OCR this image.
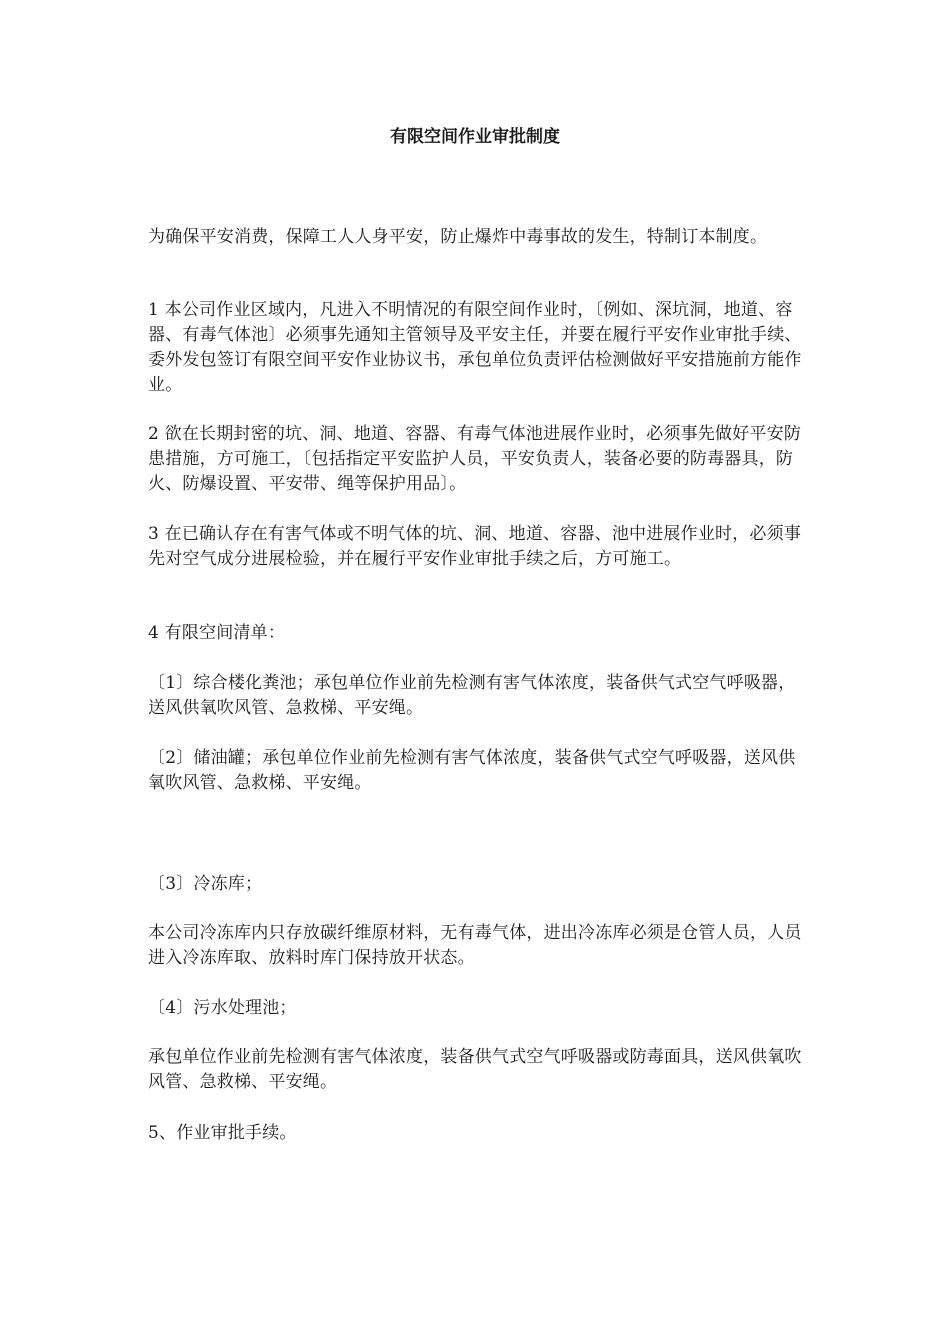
有限空间作业审批制度

为确保平安消费，保障工人人身平安，防止爆炸中毒事故的发生，特制订本制度。

1 本公司作业区域内，凡进入不明情况的有限空间作业时，〔例如、深坑洞，地道、容器、有毒气体池〕必须事先通知主管领导及平安主任，并要在履行平安作业审批手续、委外发包签订有限空间平安作业协议书，承包单位负责评估检测做好平安措施前方能作业。

2 欲在长期封密的坑、洞、地道、容器、有毒气体池进展作业时，必须事先做好平安防患措施，方可施工，〔包括指定平安监护人员，平安负责人，装备必要的防毒器具，防火、防爆设置、平安带、绳等保护用品〕。

3 在已确认存在有害气体或不明气体的坑、洞、地道、容器、池中进展作业时，必须事先对空气成分进展检验，并在履行平安作业审批手续之后，方可施工。

4 有限空间清单：

〔1〕综合楼化粪池；承包单位作业前先检测有害气体浓度，装备供气式空气呼吸器，送风供氧吹风管、急救梯、平安绳。

〔2〕储油罐；承包单位作业前先检测有害气体浓度，装备供气式空气呼吸器，送风供氧吹风管、急救梯、平安绳。

〔3〕冷冻库；

本公司冷冻库内只存放碳纤维原材料，无有毒气体，进出冷冻库必须是仓管人员，人员进入冷冻库取、放料时库门保持放开状态。

〔4〕污水处理池；

承包单位作业前先检测有害气体浓度，装备供气式空气呼吸器或防毒面具，送风供氧吹风管、急救梯、平安绳。

5、作业审批手续。
